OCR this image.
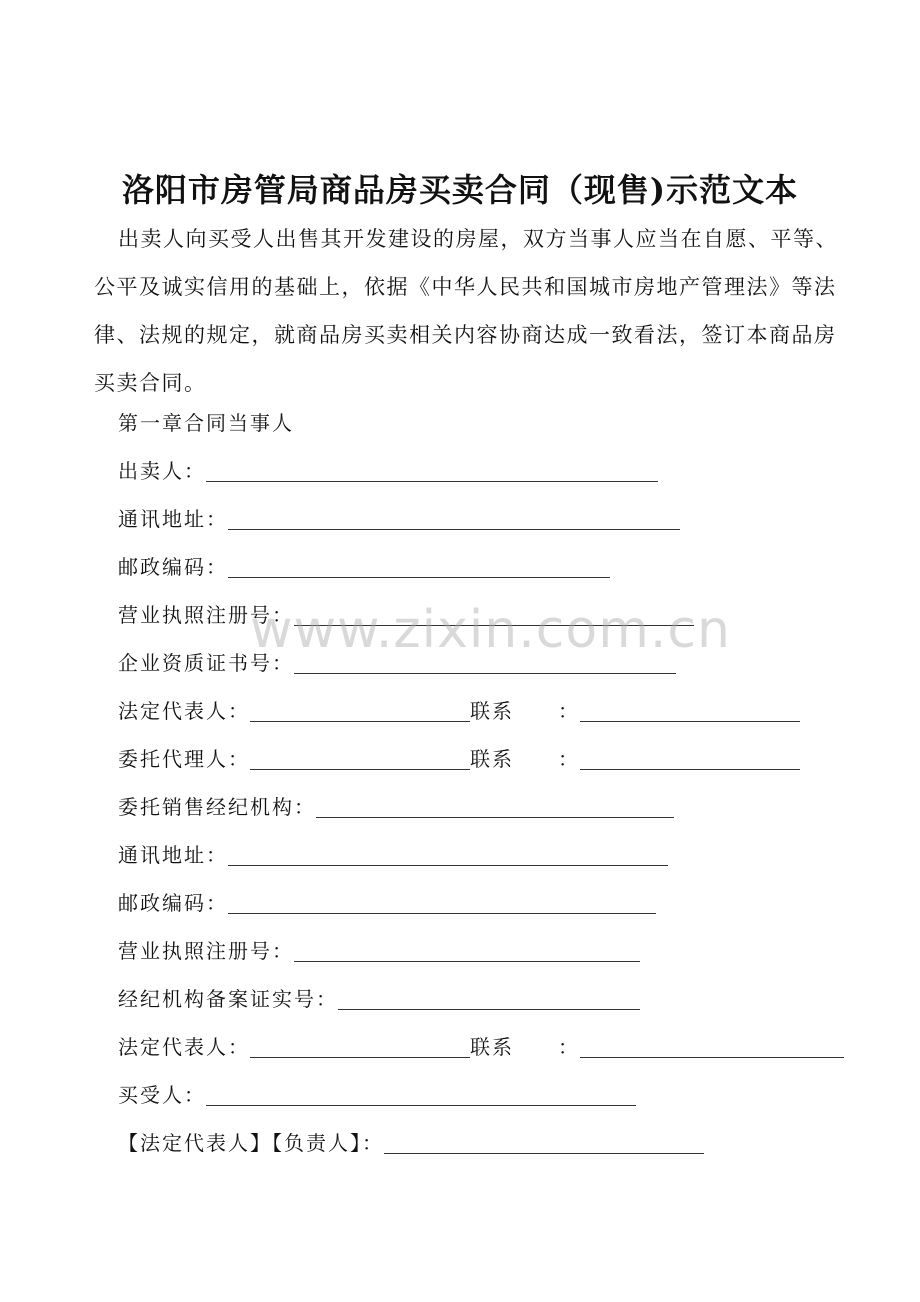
洛阳市房管局商品房买卖合同（现售)示范文本

出卖人向买受人出售其开发建设的房屋，双方当事人应当在自愿、平等、公平及诚实信用的基础上，依据《中华人民共和国城市房地产管理法》等法律、法规的规定，就商品房买卖相关内容协商达成一致看法，签订本商品房买卖合同。

第一章合同当事人
出卖人：
通讯地址：
邮政编码：
营业执照注册号：
企业资质证书号：
法定代表人：	联系　　：
委托代理人：	联系　　：
委托销售经纪机构：
通讯地址：
邮政编码：
营业执照注册号：
经纪机构备案证实号：
法定代表人：	联系　　：
买受人：
【法定代表人】【负责人】：
www.zixin.com.cn
